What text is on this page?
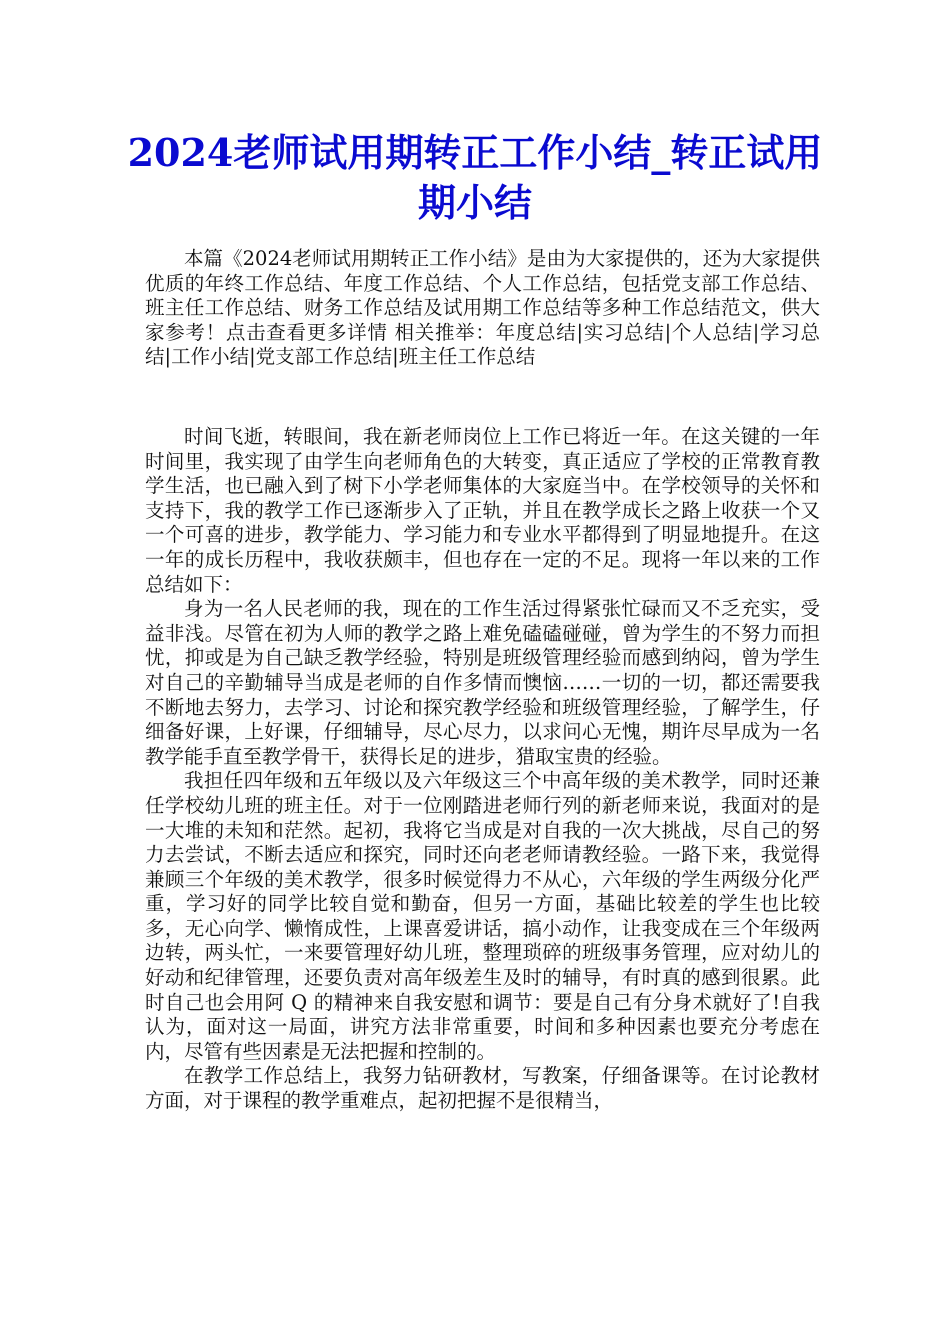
2024老师试用期转正工作小结_转正试用期小结

本篇《2024老师试用期转正工作小结》是由为大家提供的，还为大家提供优质的年终工作总结、年度工作总结、个人工作总结，包括党支部工作总结、班主任工作总结、财务工作总结及试用期工作总结等多种工作总结范文，供大家参考！点击查看更多详情 相关推举：年度总结|实习总结|个人总结|学习总结|工作小结|党支部工作总结|班主任工作总结

时间飞逝，转眼间，我在新老师岗位上工作已将近一年。在这关键的一年时间里，我实现了由学生向老师角色的大转变，真正适应了学校的正常教育教学生活，也已融入到了树下小学老师集体的大家庭当中。在学校领导的关怀和支持下，我的教学工作已逐渐步入了正轨，并且在教学成长之路上收获一个又一个可喜的进步，教学能力、学习能力和专业水平都得到了明显地提升。在这一年的成长历程中，我收获颇丰，但也存在一定的不足。现将一年以来的工作总结如下：

身为一名人民老师的我，现在的工作生活过得紧张忙碌而又不乏充实，受益非浅。尽管在初为人师的教学之路上难免磕磕碰碰，曾为学生的不努力而担忧，抑或是为自己缺乏教学经验，特别是班级管理经验而感到纳闷，曾为学生对自己的辛勤辅导当成是老师的自作多情而懊恼……一切的一切，都还需要我不断地去努力，去学习、讨论和探究教学经验和班级管理经验，了解学生，仔细备好课，上好课，仔细辅导，尽心尽力，以求问心无愧，期许尽早成为一名教学能手直至教学骨干，获得长足的进步，猎取宝贵的经验。

我担任四年级和五年级以及六年级这三个中高年级的美术教学，同时还兼任学校幼儿班的班主任。对于一位刚踏进老师行列的新老师来说，我面对的是一大堆的未知和茫然。起初，我将它当成是对自我的一次大挑战，尽自己的努力去尝试，不断去适应和探究，同时还向老老师请教经验。一路下来，我觉得兼顾三个年级的美术教学，很多时候觉得力不从心，六年级的学生两级分化严重，学习好的同学比较自觉和勤奋，但另一方面，基础比较差的学生也比较多，无心向学、懒惰成性，上课喜爱讲话，搞小动作，让我变成在三个年级两边转，两头忙，一来要管理好幼儿班，整理琐碎的班级事务管理，应对幼儿的好动和纪律管理，还要负责对高年级差生及时的辅导，有时真的感到很累。此时自己也会用阿 Q 的精神来自我安慰和调节：要是自己有分身术就好了!自我认为，面对这一局面，讲究方法非常重要，时间和多种因素也要充分考虑在内，尽管有些因素是无法把握和控制的。

在教学工作总结上，我努力钻研教材，写教案，仔细备课等。在讨论教材方面，对于课程的教学重难点，起初把握不是很精当，
